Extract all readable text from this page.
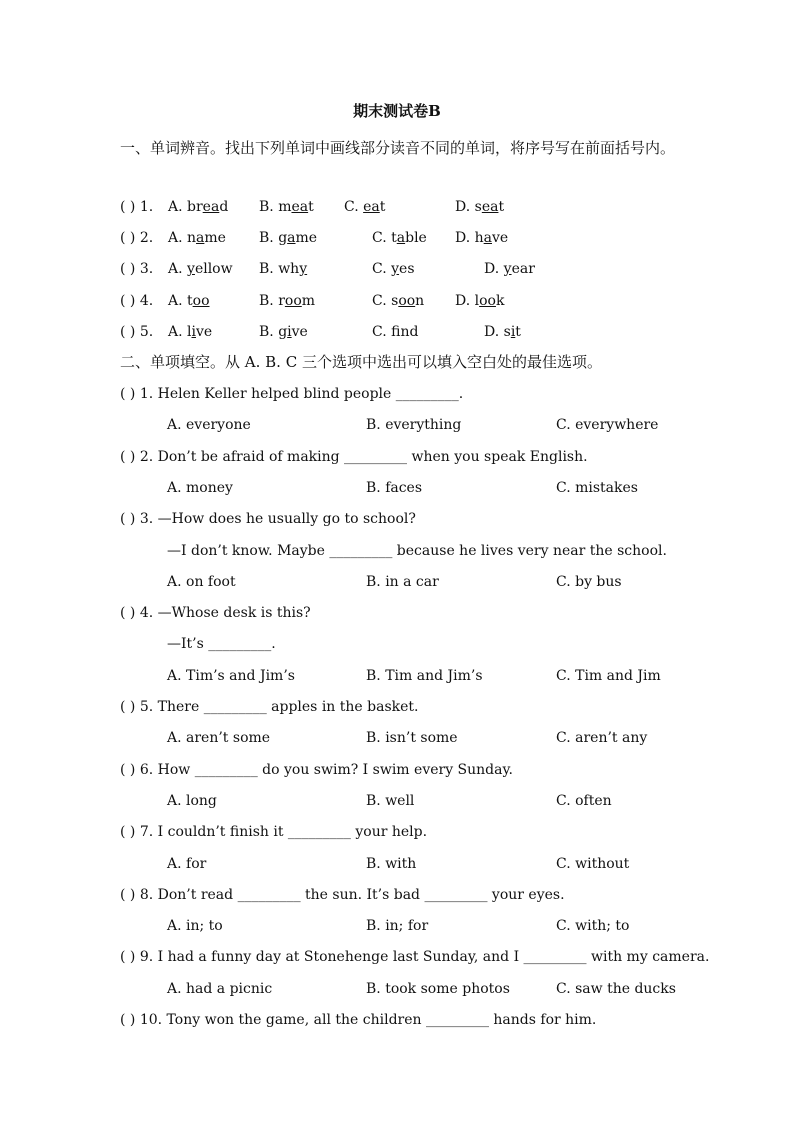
期末测试卷B
一、单词辨音。找出下列单词中画线部分读音不同的单词，将序号写在前面括号内。
( ) 1. A. bread B. meat C. eat	D. seat
( ) 2. A. name B. game	C. table D. have
( ) 3. A. yellow B. why	C. yes	D. year
( ) 4. A. too	B. room	C. soon D. look
( ) 5. A. live	B. give	C. fnd	D. sit
二、单项填空。从 A. B. C 三个选项中选出可以填入空白处的最佳选项。
( ) 1. Helen Keller helped blind people _________.
A. everyone	B. everything	C. everywhere
( ) 2. Don’t be afraid of making _________ when you speak English.
A. money	B. faces	C. mistakes
( ) 3. —How does he usually go to school?
—I don’t know. Maybe _________ because he lives very near the school.
A. on foot	B. in a car	C. by bus
( ) 4. —Whose desk is this?
—It’s _________.
A. Tim’s and Jim’s	B. Tim and Jim’s	C. Tim and Jim
( ) 5. There _________ apples in the basket.
A. aren’t some	B. isn’t some	C. aren’t any
( ) 6. How _________ do you swim? I swim every Sunday.
A. long	B. well	C. often
( ) 7. I couldn’t finish it _________ your help.
A. for	B. with	C. without
( ) 8. Don’t read _________ the sun. It’s bad _________ your eyes.
A. in; to	B. in; for	C. with; to
( ) 9. I had a funny day at Stonehenge last Sunday, and I _________ with my camera.
A. had a picnic	B. took some photos	C. saw the ducks
( ) 10. Tony won the game, all the children _________ hands for him.
